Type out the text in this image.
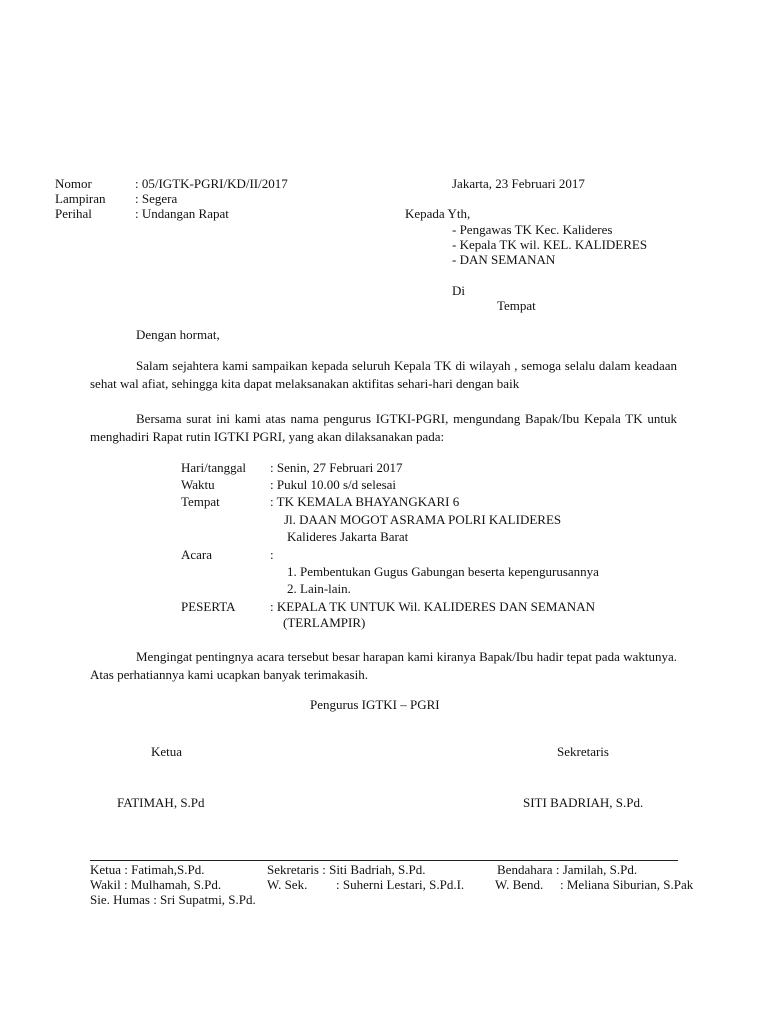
Nomor	: 05/IGTK-PGRI/KD/II/2017	Jakarta, 23 Februari 2017
Lampiran : Segera
Perihal	: Undangan Rapat	Kepada Yth,
- Pengawas TK Kec. Kalideres
- Kepala TK wil. KEL. KALIDERES
- DAN SEMANAN
Di
Tempat
Dengan hormat,
Salam sejahtera kami sampaikan kepada seluruh Kepala TK di wilayah , semoga selalu dalam keadaan sehat wal afiat, sehingga kita dapat melaksanakan aktifitas sehari-hari dengan baik
Bersama surat ini kami atas nama pengurus IGTKI-PGRI, mengundang Bapak/Ibu Kepala TK untuk menghadiri Rapat rutin IGTKI PGRI, yang akan dilaksanakan pada:
Hari/tanggal : Senin, 27 Februari 2017
Waktu	: Pukul 10.00 s/d selesai
Tempat	: TK KEMALA BHAYANGKARI 6
Jl. DAAN MOGOT ASRAMA POLRI KALIDERES
Kalideres Jakarta Barat
Acara	:
1. Pembentukan Gugus Gabungan beserta kepengurusannya
2. Lain-lain.
PESERTA	: KEPALA TK UNTUK Wil. KALIDERES DAN SEMANAN
(TERLAMPIR)
Mengingat pentingnya acara tersebut besar harapan kami kiranya Bapak/Ibu hadir tepat pada waktunya. Atas perhatiannya kami ucapkan banyak terimakasih.
Pengurus IGTKI – PGRI
Ketua	Sekretaris
FATIMAH, S.Pd	SITI BADRIAH, S.Pd.
Ketua : Fatimah,S.Pd.	Sekretaris : Siti Badriah, S.Pd.	Bendahara : Jamilah, S.Pd.
Wakil : Mulhamah, S.Pd.	W. Sek. : Suherni Lestari, S.Pd.I. W. Bend. : Meliana Siburian, S.Pak
Sie. Humas : Sri Supatmi, S.Pd.
